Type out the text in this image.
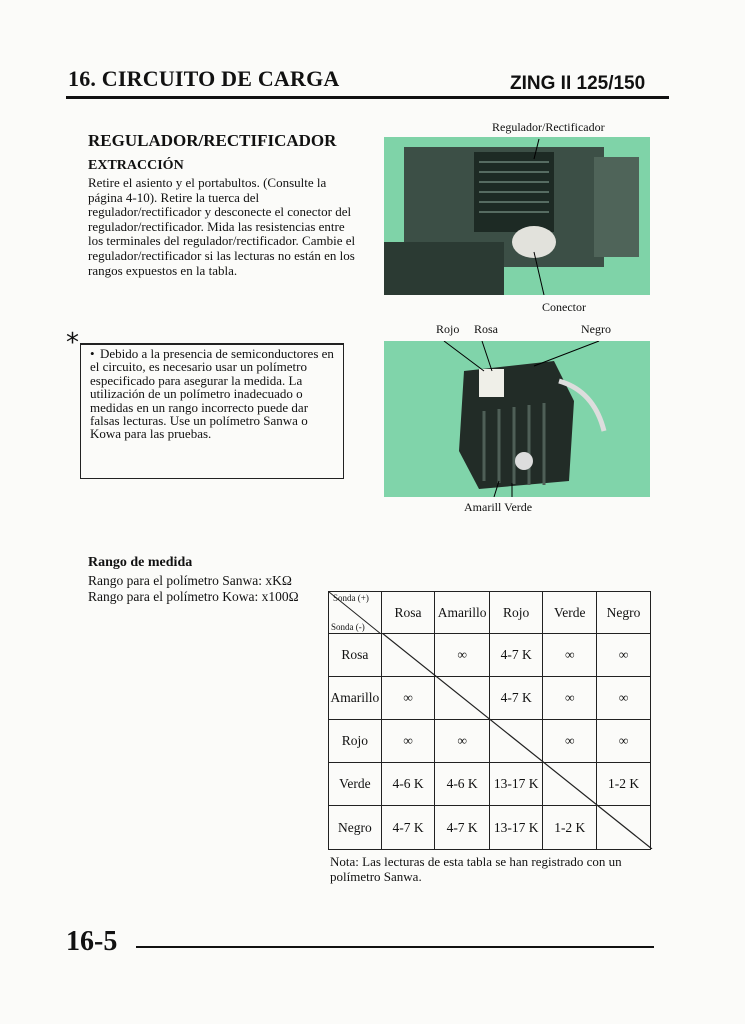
16. CIRCUITO DE CARGA	ZING II 125/150
REGULADOR/RECTIFICADOR
EXTRACCIÓN
Retire el asiento y el portabultos. (Consulte la página 4-10). Retire la tuerca del regulador/rectificador y desconecte el conector del regulador/rectificador. Mida las resistencias entre los terminales del regulador/rectificador. Cambie el regulador/rectificador si las lecturas no están en los rangos expuestos en la tabla.
* • Debido a la presencia de semiconductores en el circuito, es necesario usar un polímetro especificado para asegurar la medida. La utilización de un polímetro inadecuado o medidas en un rango incorrecto puede dar falsas lecturas. Use un polímetro Sanwa o Kowa para las pruebas.
Regulador/Rectificador
Conector
Rojo Rosa	Negro
Amarill Verde
Rango de medida
Rango para el polímetro Sanwa: xKΩ
Rango para el polímetro Kowa: x100Ω	Sonda (+)
Sonda (-)	Rosa	Amarillo	Rojo	Verde	Negro
Rosa		∞	4-7 K	∞	∞
Amarillo	∞		4-7 K	∞	∞
Rojo	∞	∞		∞	∞
Verde	4-6 K	4-6 K	13-17 K		1-2 K
Negro	4-7 K	4-7 K	13-17 K	1-2 K	
Nota: Las lecturas de esta tabla se han registrado con un polímetro Sanwa.
16-5
